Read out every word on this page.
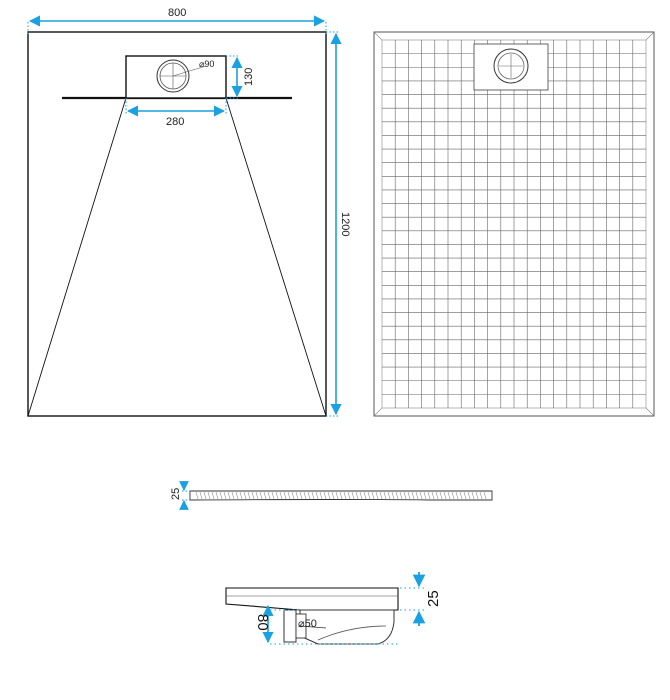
⌀90
800
1200
130
280
25
⌀50
80
25
